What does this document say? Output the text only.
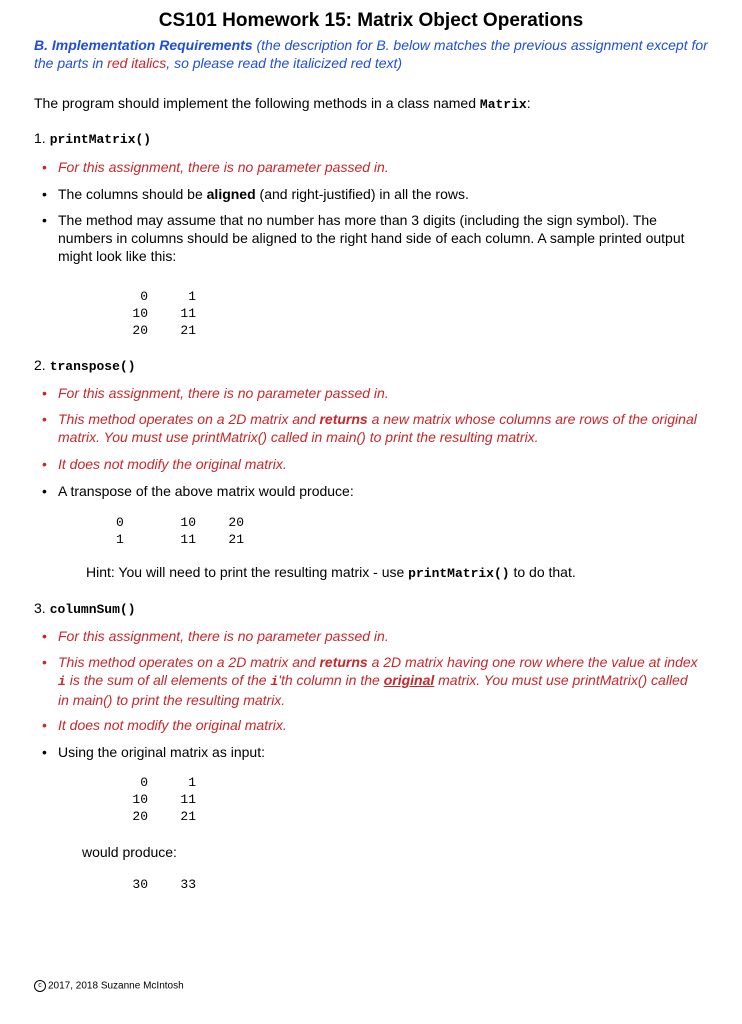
CS101 Homework 15: Matrix Object Operations
B. Implementation Requirements (the description for B. below matches the previous assignment except for the parts in red italics, so please read the italicized red text)
The program should implement the following methods in a class named Matrix:
1. printMatrix()
• For this assignment, there is no parameter passed in.
• The columns should be aligned (and right-justified) in all the rows.
• The method may assume that no number has more than 3 digits (including the sign symbol). The numbers in columns should be aligned to the right hand side of each column. A sample printed output might look like this:
0	1
10	11
20	21
2. transpose()
• For this assignment, there is no parameter passed in.
• This method operates on a 2D matrix and returns a new matrix whose columns are rows of the original matrix. You must use printMatrix() called in main() to print the resulting matrix.
• It does not modify the original matrix.
• A transpose of the above matrix would produce:
0	10	20
1	11	21
Hint: You will need to print the resulting matrix - use printMatrix() to do that.
3. columnSum()
• For this assignment, there is no parameter passed in.
• This method operates on a 2D matrix and returns a 2D matrix having one row where the value at index i is the sum of all elements of the i'th column in the original matrix. You must use printMatrix() called in main() to print the resulting matrix.
• It does not modify the original matrix.
• Using the original matrix as input:
0	1
10	11
20	21
would produce:
30	33
c 2017, 2018 Suzanne McIntosh
